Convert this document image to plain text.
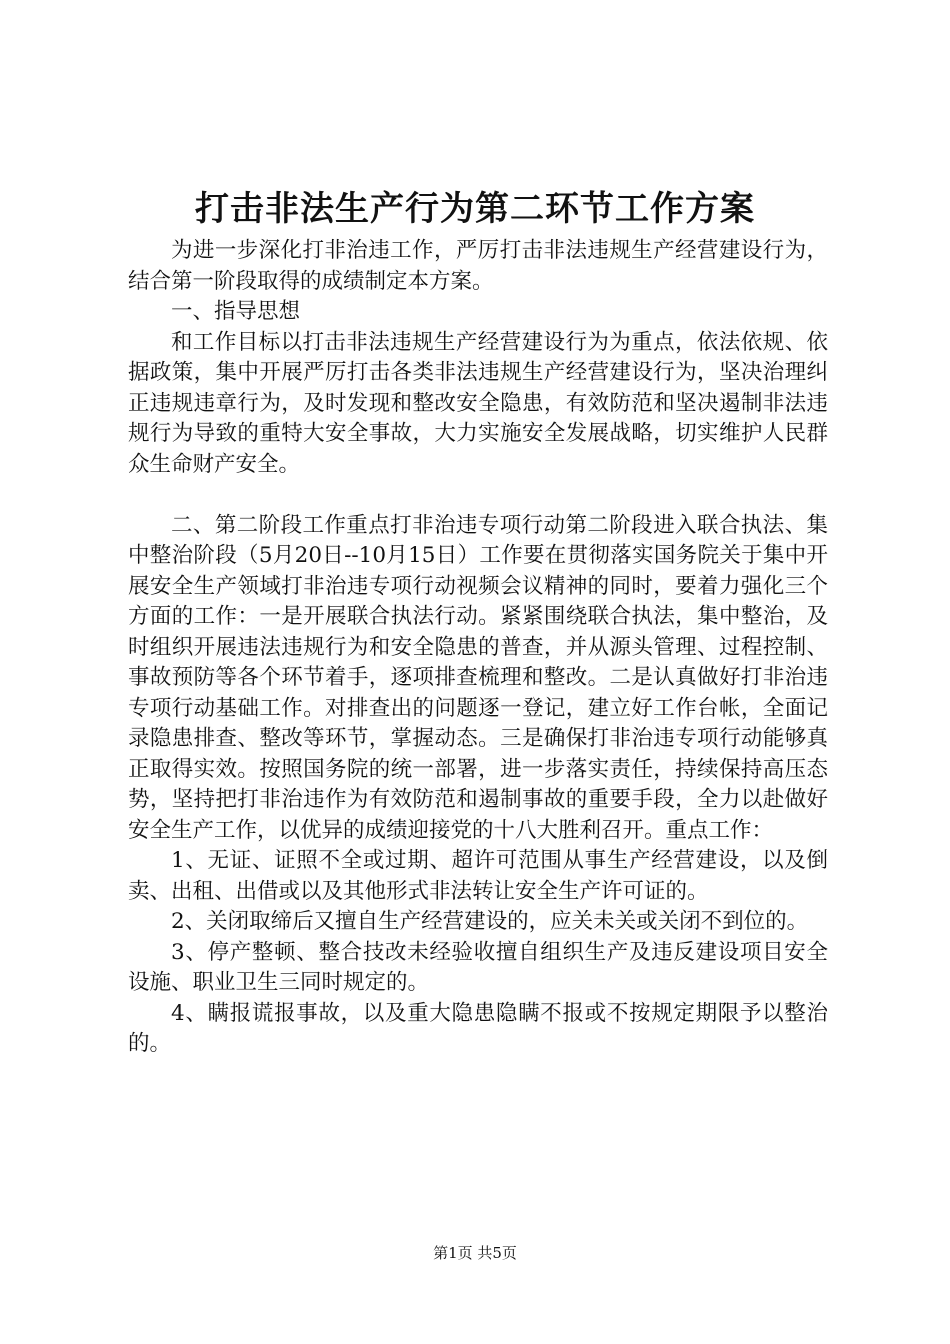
打击非法生产行为第二环节工作方案

为进一步深化打非治违工作，严厉打击非法违规生产经营建设行为，结合第一阶段取得的成绩制定本方案。

一、指导思想

和工作目标以打击非法违规生产经营建设行为为重点，依法依规、依据政策，集中开展严厉打击各类非法违规生产经营建设行为，坚决治理纠正违规违章行为，及时发现和整改安全隐患，有效防范和坚决遏制非法违规行为导致的重特大安全事故，大力实施安全发展战略，切实维护人民群众生命财产安全。

二、第二阶段工作重点打非治违专项行动第二阶段进入联合执法、集中整治阶段（5月20日--10月15日）工作要在贯彻落实国务院关于集中开展安全生产领域打非治违专项行动视频会议精神的同时，要着力强化三个方面的工作：一是开展联合执法行动。紧紧围绕联合执法，集中整治，及时组织开展违法违规行为和安全隐患的普查，并从源头管理、过程控制、事故预防等各个环节着手，逐项排查梳理和整改。二是认真做好打非治违专项行动基础工作。对排查出的问题逐一登记，建立好工作台帐，全面记录隐患排查、整改等环节，掌握动态。三是确保打非治违专项行动能够真正取得实效。按照国务院的统一部署，进一步落实责任，持续保持高压态势，坚持把打非治违作为有效防范和遏制事故的重要手段，全力以赴做好安全生产工作，以优异的成绩迎接党的十八大胜利召开。重点工作：

1、无证、证照不全或过期、超许可范围从事生产经营建设，以及倒卖、出租、出借或以及其他形式非法转让安全生产许可证的。

2、关闭取缔后又擅自生产经营建设的，应关未关或关闭不到位的。

3、停产整顿、整合技改未经验收擅自组织生产及违反建设项目安全设施、职业卫生三同时规定的。

4、瞒报谎报事故，以及重大隐患隐瞒不报或不按规定期限予以整治的。

第1页 共5页
